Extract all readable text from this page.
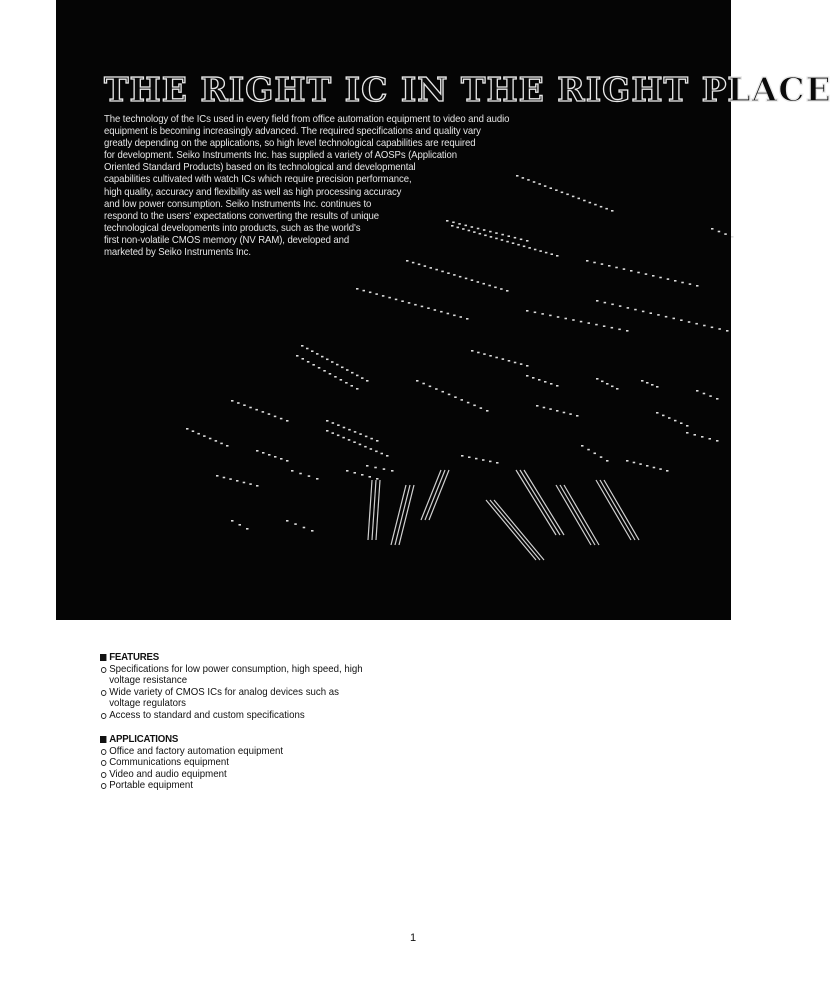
THE RIGHT IC IN THE RIGHT PLACE
The technology of the ICs used in every field from office automation equipment to video and audio
equipment is becoming increasingly advanced. The required specifications and quality vary
greatly depending on the applications, so high level technological capabilities are required
for development. Seiko Instruments Inc. has supplied a variety of AOSPs (Application
Oriented Standard Products) based on its technological and developmental
capabilities cultivated with watch ICs which require precision performance,
high quality, accuracy and flexibility as well as high processing accuracy
and low power consumption. Seiko Instruments Inc. continues to
respond to the users' expectations converting the results of unique
technological developments into products, such as the world's
first non-volatile CMOS memory (NV RAM), developed and
marketed by Seiko Instruments Inc.
FEATURES
Specifications for low power consumption, high speed, high
voltage resistance
Wide variety of CMOS ICs for analog devices such as
voltage regulators
Access to standard and custom specifications
APPLICATIONS
Office and factory automation equipment
Communications equipment
Video and audio equipment
Portable equipment
1
